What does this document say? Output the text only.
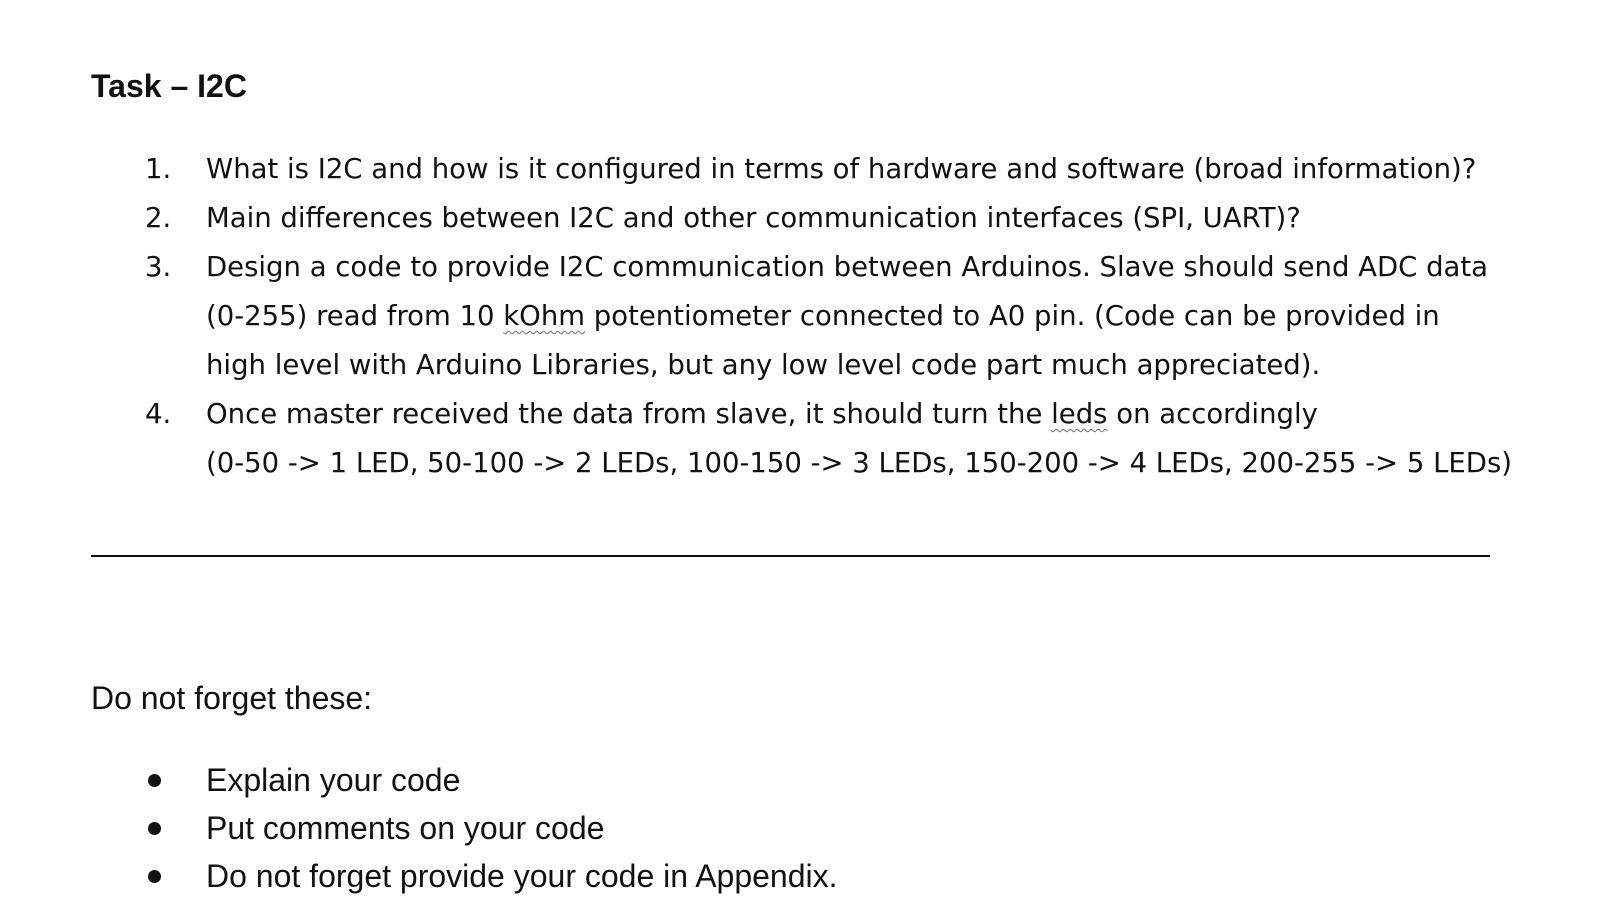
Task – I2C
1. What is I2C and how is it configured in terms of hardware and software (broad information)?
2. Main differences between I2C and other communication interfaces (SPI, UART)?
3. Design a code to provide I2C communication between Arduinos. Slave should send ADC data
(0-255) read from 10 kOhm potentiometer connected to A0 pin. (Code can be provided in
high level with Arduino Libraries, but any low level code part much appreciated).
4. Once master received the data from slave, it should turn the leds on accordingly
(0-50 -> 1 LED, 50-100 -> 2 LEDs, 100-150 -> 3 LEDs, 150-200 -> 4 LEDs, 200-255 -> 5 LEDs)
Do not forget these:
Explain your code
Put comments on your code
Do not forget provide your code in Appendix.
